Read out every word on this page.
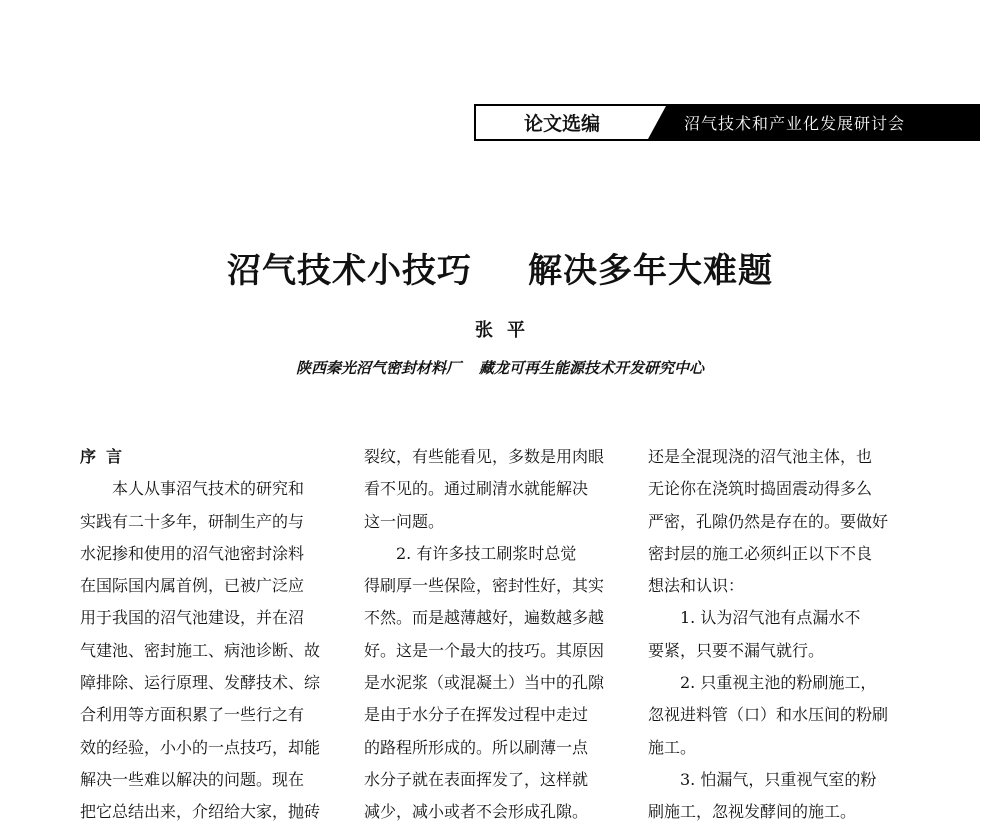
论文选编	沼气技术和产业化发展研讨会
沼气技术小技巧 解决多年大难题
张 平
陕西秦光沼气密封材料厂 藏龙可再生能源技术开发研究中心

序 言

　　本人从事沼气技术的研究和

实践有二十多年，研制生产的与

水泥掺和使用的沼气池密封涂料

在国际国内属首例，已被广泛应

用于我国的沼气池建设，并在沼

气建池、密封施工、病池诊断、故

障排除、运行原理、发酵技术、综

合利用等方面积累了一些行之有

效的经验，小小的一点技巧，却能

解决一些难以解决的问题。现在

把它总结出来，介绍给大家，抛砖

裂纹，有些能看见，多数是用肉眼

看不见的。通过刷清水就能解决

这一问题。

　　2. 有许多技工刷浆时总觉

得刷厚一些保险，密封性好，其实

不然。而是越薄越好，遍数越多越

好。这是一个最大的技巧。其原因

是水泥浆（或混凝土）当中的孔隙

是由于水分子在挥发过程中走过

的路程所形成的。所以刷薄一点

水分子就在表面挥发了，这样就

减少，减小或者不会形成孔隙。

还是全混现浇的沼气池主体，也

无论你在浇筑时捣固震动得多么

严密，孔隙仍然是存在的。要做好

密封层的施工必须纠正以下不良

想法和认识：

　　1. 认为沼气池有点漏水不

要紧，只要不漏气就行。

　　2. 只重视主池的粉刷施工，

忽视进料管（口）和水压间的粉刷

施工。

　　3. 怕漏气，只重视气室的粉

刷施工，忽视发酵间的施工。
